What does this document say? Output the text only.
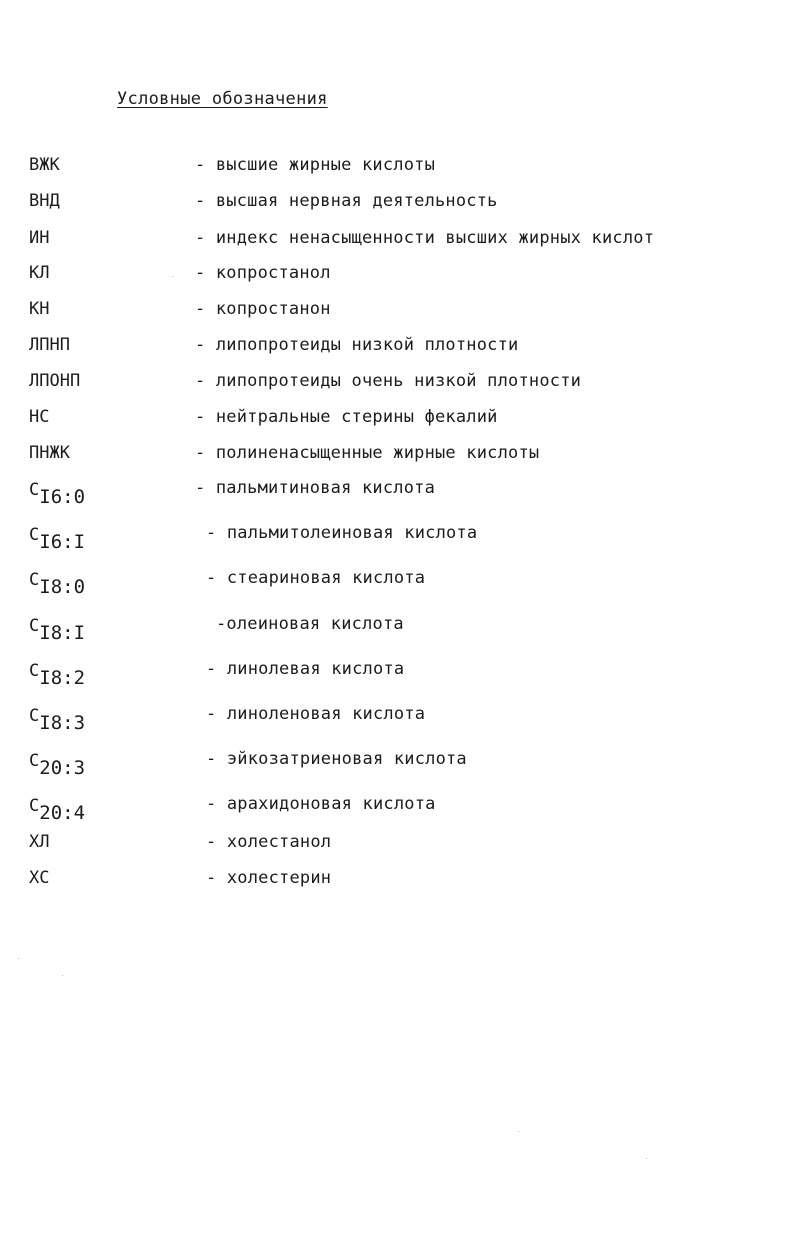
Условные обозначения
ВЖК	- высшие жирные кислоты
ВНД	- высшая нервная деятельность
ИН	- индекс ненасыщенности высших жирных кислот
КЛ	- копростанол
КН	- копростанон
ЛПНП	- липопротеиды низкой плотности
ЛПОНП	- липопротеиды очень низкой плотности
НС	- нейтральные стерины фекалий
ПНЖК	- полиненасыщенные жирные кислоты
CI6:0	- пальмитиновая кислота
CI6:I	- пальмитолеиновая кислота
CI8:0	- стеариновая кислота
CI8:I	-олеиновая кислота
CI8:2	- линолевая кислота
CI8:3	- линоленовая кислота
C20:3	- эйкозатриеновая кислота
C20:4	- арахидоновая кислота
ХЛ	- холестанол
ХС	- холестерин
